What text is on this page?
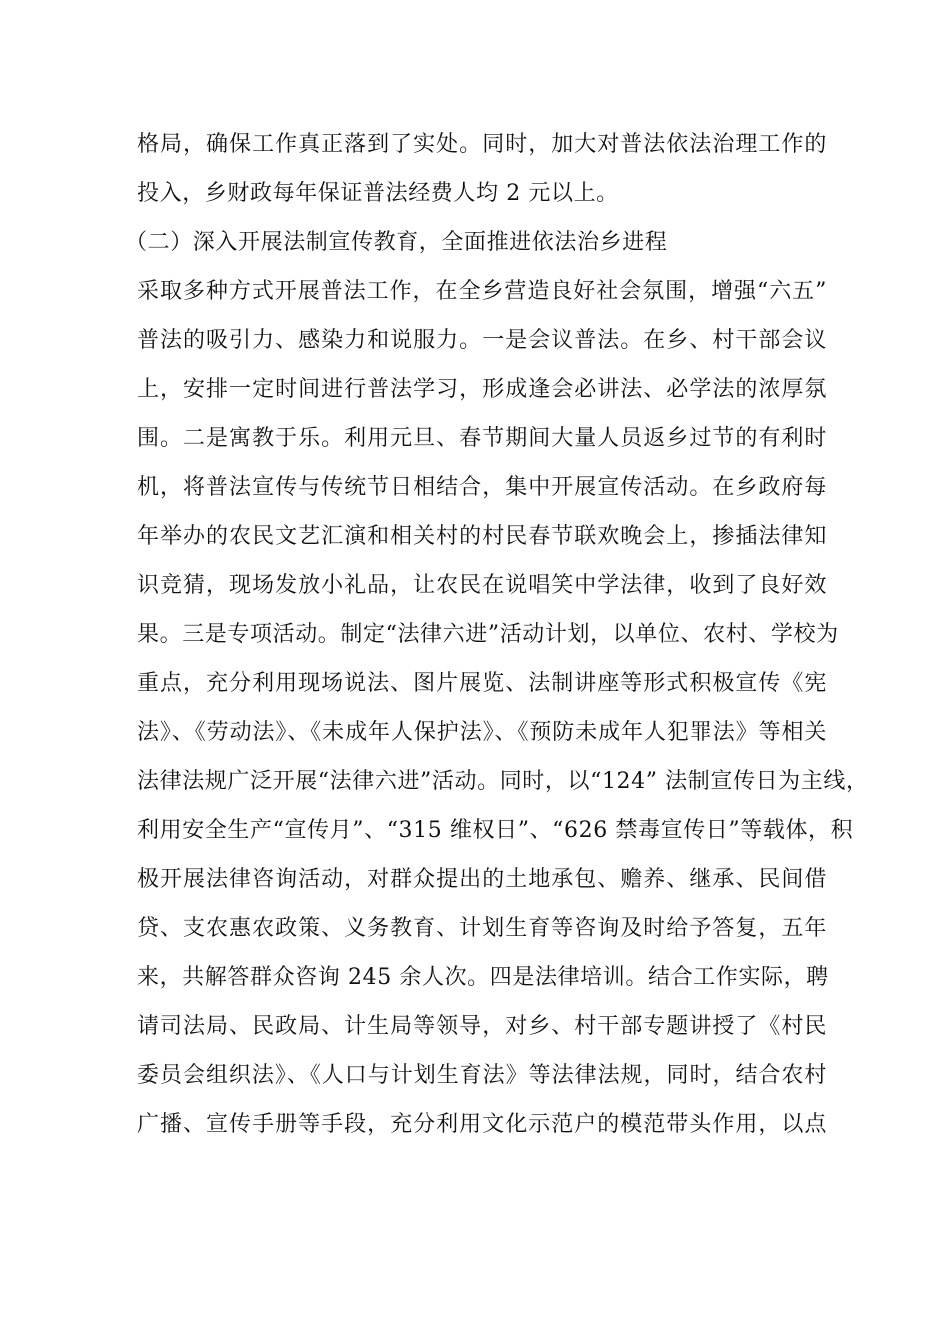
格局，确保工作真正落到了实处。同时，加大对普法依法治理工作的
投入，乡财政每年保证普法经费人均 2 元以上。
（二）深入开展法制宣传教育，全面推进依法治乡进程
采取多种方式开展普法工作，在全乡营造良好社会氛围，增强“六五”
普法的吸引力、感染力和说服力。一是会议普法。在乡、村干部会议
上，安排一定时间进行普法学习，形成逢会必讲法、必学法的浓厚氛
围。二是寓教于乐。利用元旦、春节期间大量人员返乡过节的有利时
机，将普法宣传与传统节日相结合，集中开展宣传活动。在乡政府每
年举办的农民文艺汇演和相关村的村民春节联欢晚会上，掺插法律知
识竞猜，现场发放小礼品，让农民在说唱笑中学法律，收到了良好效
果。三是专项活动。制定“法律六进”活动计划，以单位、农村、学校为
重点，充分利用现场说法、图片展览、法制讲座等形式积极宣传《宪
法》、《劳动法》、《未成年人保护法》、《预防未成年人犯罪法》等相关
法律法规广泛开展“法律六进”活动。同时，以“124” 法制宣传日为主线，
利用安全生产“宣传月”、“315 维权日”、“626 禁毒宣传日”等载体，积
极开展法律咨询活动，对群众提出的土地承包、赡养、继承、民间借
贷、支农惠农政策、义务教育、计划生育等咨询及时给予答复，五年
来，共解答群众咨询 245 余人次。四是法律培训。结合工作实际，聘
请司法局、民政局、计生局等领导，对乡、村干部专题讲授了《村民
委员会组织法》、《人口与计划生育法》等法律法规，同时，结合农村
广播、宣传手册等手段，充分利用文化示范户的模范带头作用，以点
